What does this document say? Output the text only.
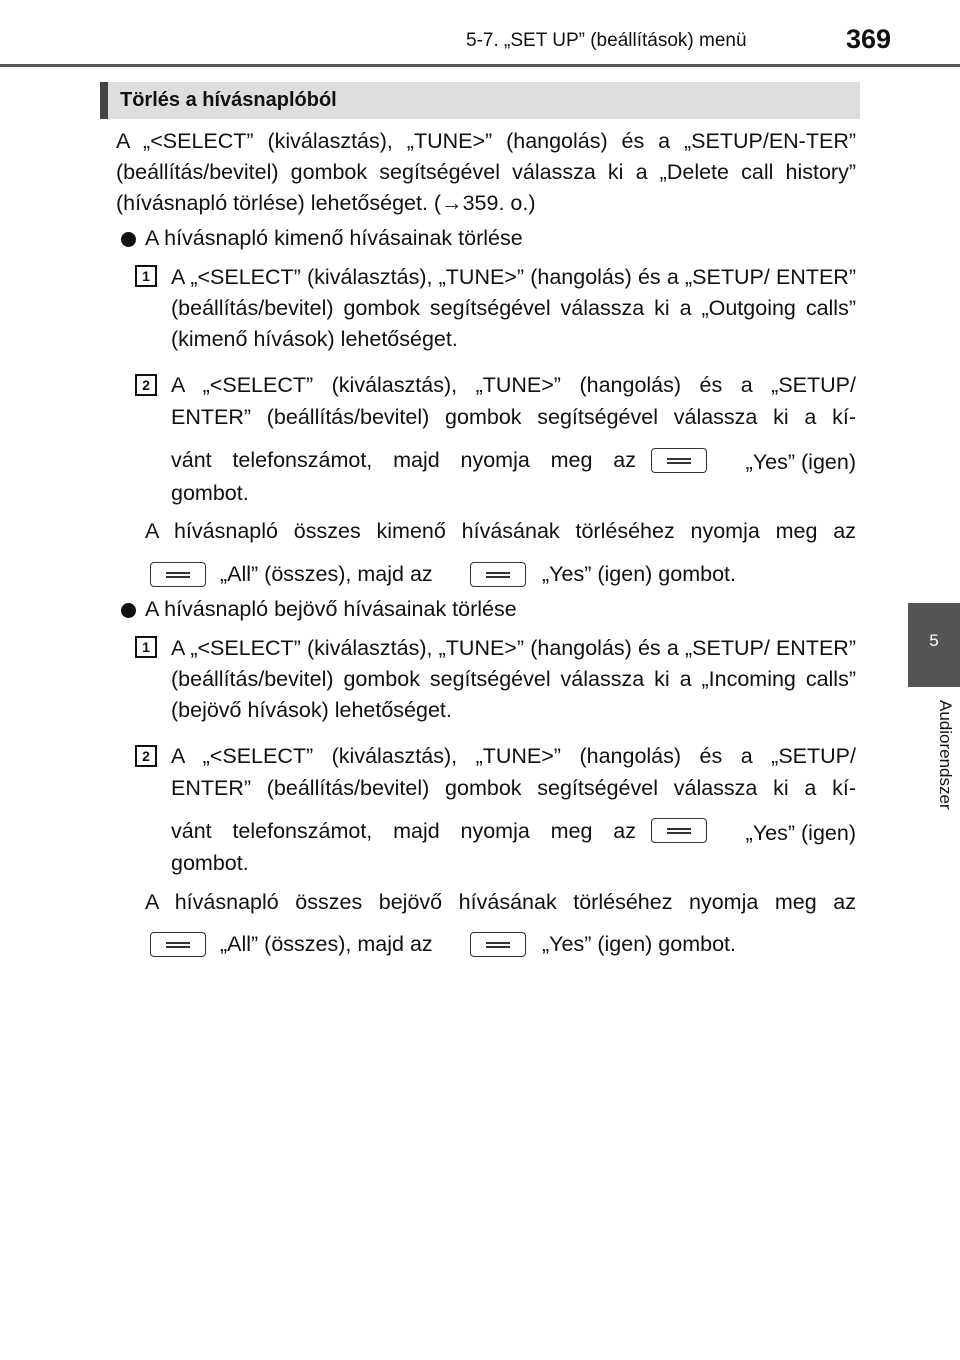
5-7. „SET UP” (beállítások) menü	369
5
Audiorendszer
Törlés a hívásnaplóból
A „<SELECT” (kiválasztás), „TUNE>” (hangolás) és a „SETUP/EN-TER” (beállítás/bevitel) gombok segítségével válassza ki a „Delete call history” (hívásnapló törlése) lehetőséget. (→359. o.)
A hívásnapló kimenő hívásainak törlése
1 A „<SELECT” (kiválasztás), „TUNE>” (hangolás) és a „SETUP/ ENTER” (beállítás/bevitel) gombok segítségével válassza ki a „Outgoing calls” (kimenő hívások) lehetőséget.
2 A „<SELECT” (kiválasztás), „TUNE>” (hangolás) és a „SETUP/
ENTER” (beállítás/bevitel) gombok segítségével válassza ki a kí-
vánt telefonszámot, majd nyomja meg az	„Yes” (igen)
gombot.
A hívásnapló összes kimenő hívásának törléséhez nyomja meg az
„All” (összes), majd az	„Yes” (igen) gombot.
A hívásnapló bejövő hívásainak törlése
1 A „<SELECT” (kiválasztás), „TUNE>” (hangolás) és a „SETUP/ ENTER” (beállítás/bevitel) gombok segítségével válassza ki a „Incoming calls” (bejövő hívások) lehetőséget.
2 A „<SELECT” (kiválasztás), „TUNE>” (hangolás) és a „SETUP/
ENTER” (beállítás/bevitel) gombok segítségével válassza ki a kí-
vánt telefonszámot, majd nyomja meg az	„Yes” (igen)
gombot.
A hívásnapló összes bejövő hívásának törléséhez nyomja meg az
„All” (összes), majd az	„Yes” (igen) gombot.
